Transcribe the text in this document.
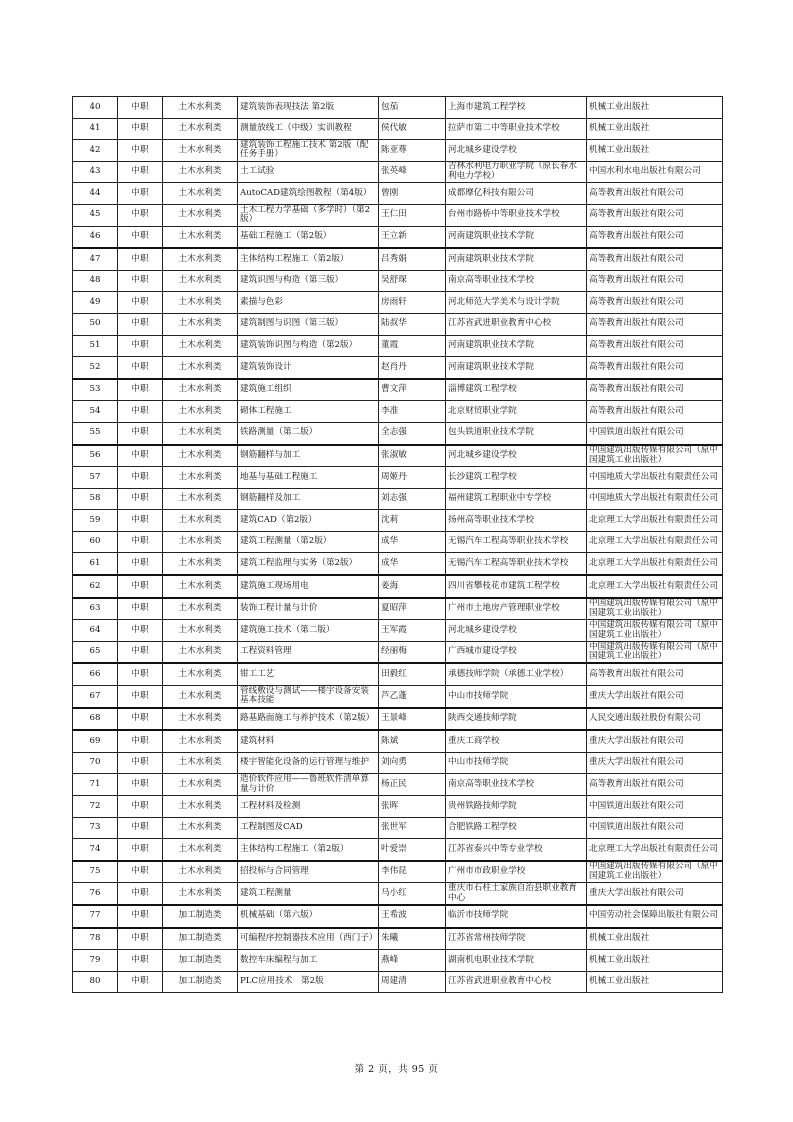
40	中职	土木水利类	建筑装饰表现技法 第2版	包茄	上海市建筑工程学校	机械工业出版社
41	中职	土木水利类	测量放线工（中级）实训教程	侯代敏	拉萨市第二中等职业技术学校	机械工业出版社
42	中职	土木水利类	建筑装饰工程施工技术 第2版（配任务手册）	陈亚尊	河北城乡建设学校	机械工业出版社
43	中职	土木水利类	土工试验	张英峰	吉林水利电力职业学院（原长春水利电力学校）	中国水利水电出版社有限公司
44	中职	土木水利类	AutoCAD建筑绘图教程（第4版）	曾刚	成都摩亿科技有限公司	高等教育出版社有限公司
45	中职	土木水利类	土木工程力学基础（多学时）（第2版）	王仁田	台州市路桥中等职业技术学校	高等教育出版社有限公司
46	中职	土木水利类	基础工程施工（第2版）	王立新	河南建筑职业技术学院	高等教育出版社有限公司
47	中职	土木水利类	主体结构工程施工（第2版）	吕秀娟	河南建筑职业技术学院	高等教育出版社有限公司
48	中职	土木水利类	建筑识图与构造（第三版）	吴舒琛	南京高等职业技术学校	高等教育出版社有限公司
49	中职	土木水利类	素描与色彩	房雨轩	河北师范大学美术与设计学院	高等教育出版社有限公司
50	中职	土木水利类	建筑制图与识图（第三版）	陆叔华	江苏省武进职业教育中心校	高等教育出版社有限公司
51	中职	土木水利类	建筑装饰识图与构造（第2版）	董霞	河南建筑职业技术学院	高等教育出版社有限公司
52	中职	土木水利类	建筑装饰设计	赵肖丹	河南建筑职业技术学院	高等教育出版社有限公司
53	中职	土木水利类	建筑施工组织	曹文萍	淄博建筑工程学校	高等教育出版社有限公司
54	中职	土木水利类	砌体工程施工	李准	北京财贸职业学院	高等教育出版社有限公司
55	中职	土木水利类	铁路测量（第二版）	全志强	包头铁道职业技术学院	中国铁道出版社有限公司
56	中职	土木水利类	钢筋翻样与加工	张淑敏	河北城乡建设学校	中国建筑出版传媒有限公司（原中国建筑工业出版社）
57	中职	土木水利类	地基与基础工程施工	周姬丹	长沙建筑工程学校	中国地质大学出版社有限责任公司
58	中职	土木水利类	钢筋翻样及加工	刘志强	福州建筑工程职业中专学校	中国地质大学出版社有限责任公司
59	中职	土木水利类	建筑CAD（第2版）	沈莉	扬州高等职业技术学校	北京理工大学出版社有限责任公司
60	中职	土木水利类	建筑工程测量（第2版）	成华	无锡汽车工程高等职业技术学校	北京理工大学出版社有限责任公司
61	中职	土木水利类	建筑工程监理与实务（第2版）	成华	无锡汽车工程高等职业技术学校	北京理工大学出版社有限责任公司
62	中职	土木水利类	建筑施工现场用电	姜海	四川省攀枝花市建筑工程学校	北京理工大学出版社有限责任公司
63	中职	土木水利类	装饰工程计量与计价	夏昭萍	广州市土地房产管理职业学校	中国建筑出版传媒有限公司（原中国建筑工业出版社）
64	中职	土木水利类	建筑施工技术（第二版）	王军霞	河北城乡建设学校	中国建筑出版传媒有限公司（原中国建筑工业出版社）
65	中职	土木水利类	工程资料管理	经丽梅	广西城市建设学校	中国建筑出版传媒有限公司（原中国建筑工业出版社）
66	中职	土木水利类	钳工工艺	田毅红	承德技师学院（承德工业学校）	高等教育出版社有限公司
67	中职	土木水利类	管线敷设与测试——楼宇设备安装基本技能	芦乙蓬	中山市技师学院	重庆大学出版社有限公司
68	中职	土木水利类	路基路面施工与养护技术（第2版）	王景峰	陕西交通技师学院	人民交通出版社股份有限公司
69	中职	土木水利类	建筑材料	陈斌	重庆工商学校	重庆大学出版社有限公司
70	中职	土木水利类	楼宇智能化设备的运行管理与维护	刘向勇	中山市技师学院	重庆大学出版社有限公司
71	中职	土木水利类	造价软件应用——鲁班软件清单算量与计价	杨正民	南京高等职业技术学校	高等教育出版社有限公司
72	中职	土木水利类	工程材料及检测	张晖	贵州铁路技师学院	中国铁道出版社有限公司
73	中职	土木水利类	工程制图及CAD	张世军	合肥铁路工程学校	中国铁道出版社有限公司
74	中职	土木水利类	主体结构工程施工（第2版）	叶爱崇	江苏省泰兴中等专业学校	北京理工大学出版社有限责任公司
75	中职	土木水利类	招投标与合同管理	李伟昆	广州市市政职业学校	中国建筑出版传媒有限公司（原中国建筑工业出版社）
76	中职	土木水利类	建筑工程测量	马小红	重庆市石柱土家族自治县职业教育中心	重庆大学出版社有限公司
77	中职	加工制造类	机械基础（第六版）	王希波	临沂市技师学院	中国劳动社会保障出版社有限公司
78	中职	加工制造类	可编程序控制器技术应用（西门子）	朱曦	江苏省常州技师学院	机械工业出版社
79	中职	加工制造类	数控车床编程与加工	燕峰	湖南机电职业技术学院	机械工业出版社
80	中职	加工制造类	PLC应用技术　第2版	周建清	江苏省武进职业教育中心校	机械工业出版社
第 2 页，共 95 页
